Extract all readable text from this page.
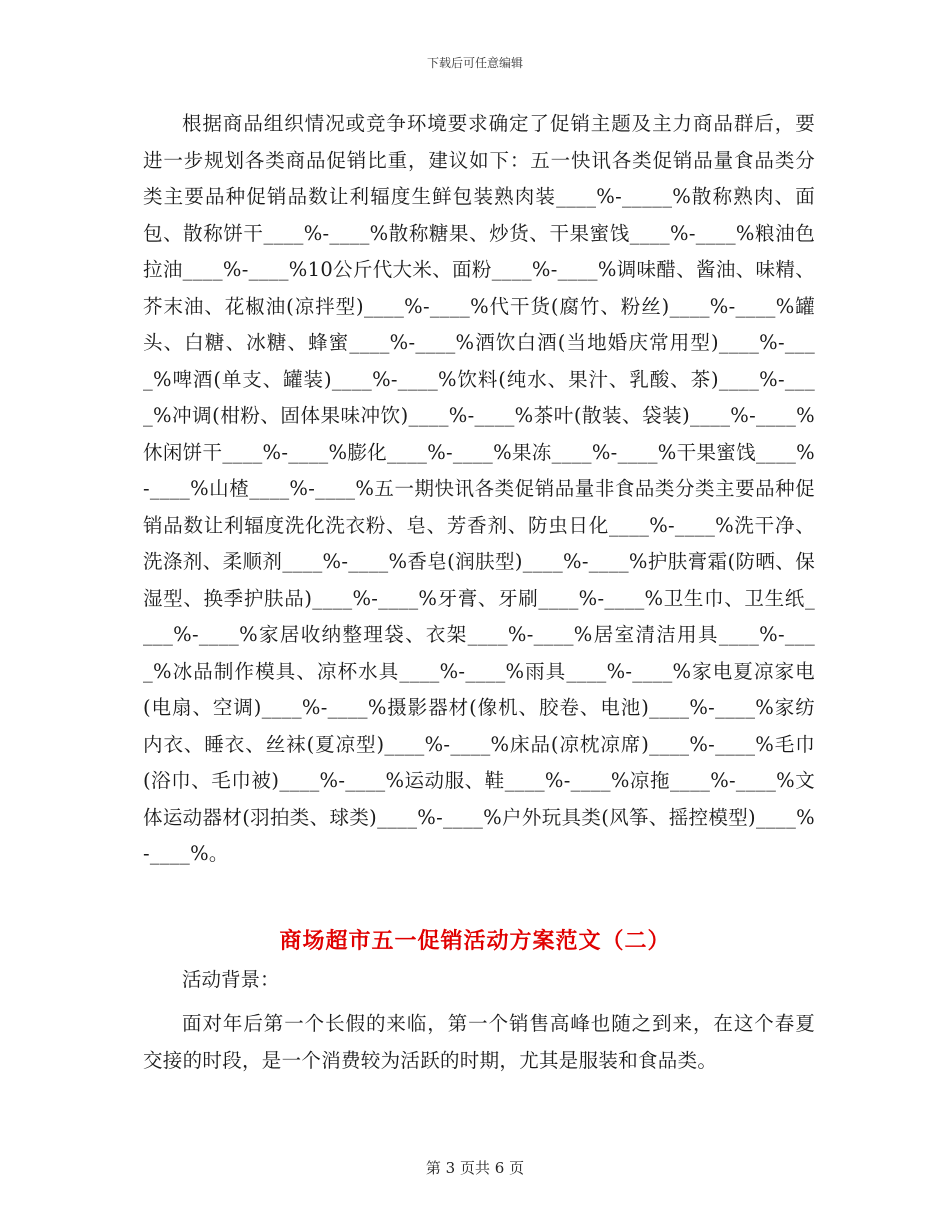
下载后可任意编辑

根据商品组织情况或竞争环境要求确定了促销主题及主力商品群后，要进一步规划各类商品促销比重，建议如下：五一快讯各类促销品量食品类分类主要品种促销品数让利辐度生鲜包装熟肉装____%-_____%散称熟肉、面包、散称饼干____%-____%散称糖果、炒货、干果蜜饯____%-____%粮油色拉油____%-____%10公斤代大米、面粉____%-____%调味醋、酱油、味精、芥末油、花椒油(凉拌型)____%-____%代干货(腐竹、粉丝)____%-____%罐头、白糖、冰糖、蜂蜜____%-____%酒饮白酒(当地婚庆常用型)____%-____%啤酒(单支、罐装)____%-____%饮料(纯水、果汁、乳酸、茶)____%-____%冲调(柑粉、固体果味冲饮)____%-____%茶叶(散装、袋装)____%-____%休闲饼干____%-____%膨化____%-____%果冻____%-____%干果蜜饯____%-____%山楂____%-____%五一期快讯各类促销品量非食品类分类主要品种促销品数让利辐度洗化洗衣粉、皂、芳香剂、防虫日化____%-____%洗干净、洗涤剂、柔顺剂____%-____%香皂(润肤型)____%-____%护肤膏霜(防晒、保湿型、换季护肤品)____%-____%牙膏、牙刷____%-____%卫生巾、卫生纸____%-____%家居收纳整理袋、衣架____%-____%居室清洁用具____%-____%冰品制作模具、凉杯水具____%-____%雨具____%-____%家电夏凉家电(电扇、空调)____%-____%摄影器材(像机、胶卷、电池)____%-____%家纺内衣、睡衣、丝袜(夏凉型)____%-____%床品(凉枕凉席)____%-____%毛巾(浴巾、毛巾被)____%-____%运动服、鞋____%-____%凉拖____%-____%文体运动器材(羽拍类、球类)____%-____%户外玩具类(风筝、摇控模型)____%-____%。

商场超市五一促销活动方案范文（二）

活动背景：

面对年后第一个长假的来临，第一个销售高峰也随之到来，在这个春夏交接的时段，是一个消费较为活跃的时期，尤其是服装和食品类。

第 3 页共 6 页
